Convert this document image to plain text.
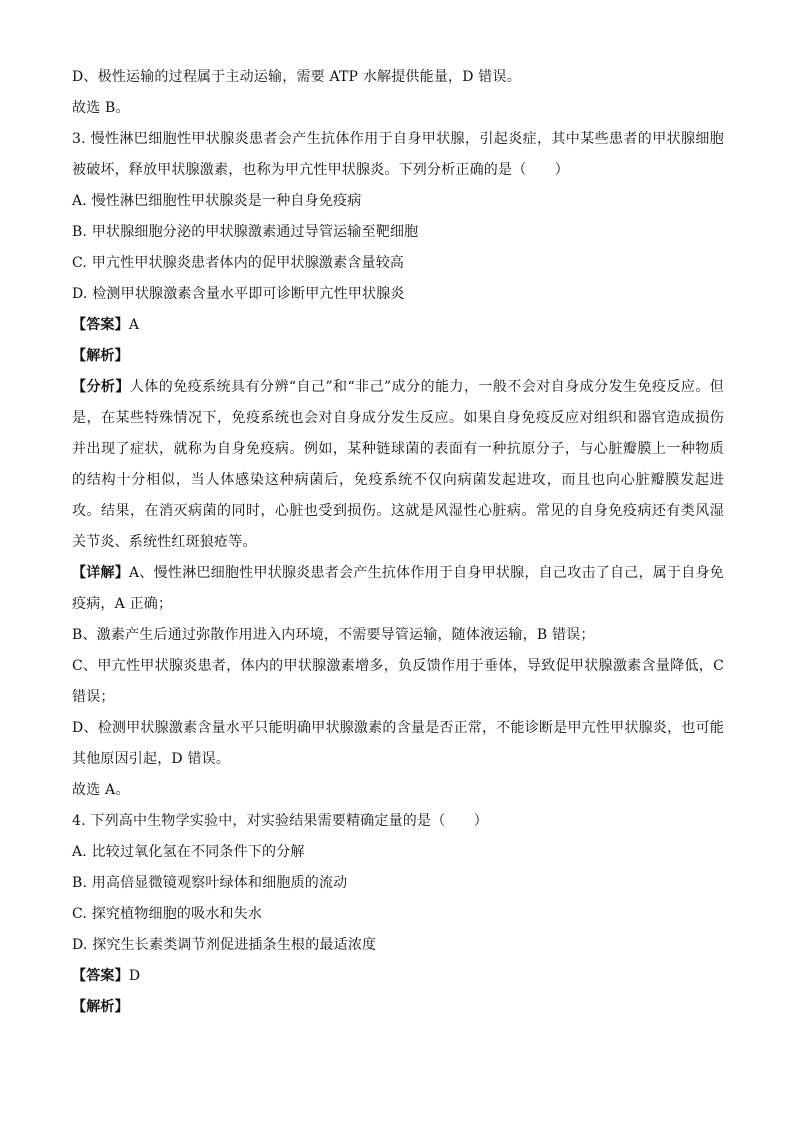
D、极性运输的过程属于主动运输，需要 ATP 水解提供能量，D 错误。
故选 B。
3. 慢性淋巴细胞性甲状腺炎患者会产生抗体作用于自身甲状腺，引起炎症，其中某些患者的甲状腺细胞被破坏，释放甲状腺激素，也称为甲亢性甲状腺炎。下列分析正确的是（　　）
A. 慢性淋巴细胞性甲状腺炎是一种自身免疫病
B. 甲状腺细胞分泌的甲状腺激素通过导管运输至靶细胞
C. 甲亢性甲状腺炎患者体内的促甲状腺激素含量较高
D. 检测甲状腺激素含量水平即可诊断甲亢性甲状腺炎
【答案】A
【解析】
【分析】人体的免疫系统具有分辨“自己”和“非己”成分的能力，一般不会对自身成分发生免疫反应。但是，在某些特殊情况下，免疫系统也会对自身成分发生反应。如果自身免疫反应对组织和器官造成损伤并出现了症状，就称为自身免疫病。例如，某种链球菌的表面有一种抗原分子，与心脏瓣膜上一种物质的结构十分相似，当人体感染这种病菌后，免疫系统不仅向病菌发起进攻，而且也向心脏瓣膜发起进攻。结果，在消灭病菌的同时，心脏也受到损伤。这就是风湿性心脏病。常见的自身免疫病还有类风湿关节炎、系统性红斑狼疮等。
【详解】A、慢性淋巴细胞性甲状腺炎患者会产生抗体作用于自身甲状腺，自己攻击了自己，属于自身免疫病，A 正确；
B、激素产生后通过弥散作用进入内环境，不需要导管运输，随体液运输，B 错误；
C、甲亢性甲状腺炎患者，体内的甲状腺激素增多，负反馈作用于垂体，导致促甲状腺激素含量降低，C 错误；
D、检测甲状腺激素含量水平只能明确甲状腺激素的含量是否正常，不能诊断是甲亢性甲状腺炎，也可能其他原因引起，D 错误。
故选 A。
4. 下列高中生物学实验中，对实验结果需要精确定量的是（　　）
A. 比较过氧化氢在不同条件下的分解
B. 用高倍显微镜观察叶绿体和细胞质的流动
C. 探究植物细胞的吸水和失水
D. 探究生长素类调节剂促进插条生根的最适浓度
【答案】D
【解析】
